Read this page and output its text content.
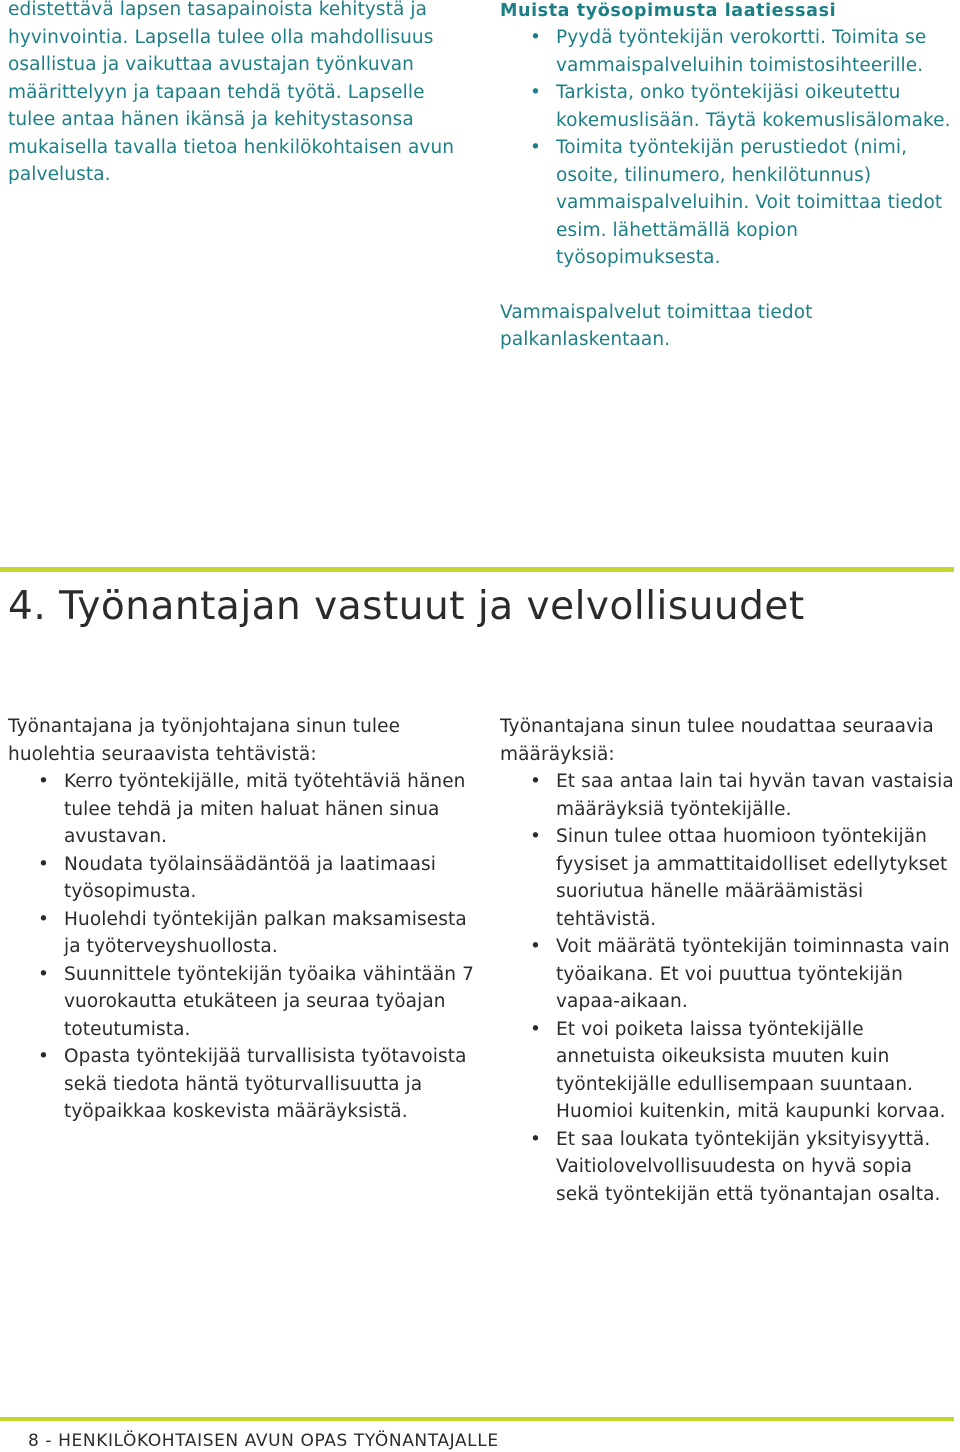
edistettävä lapsen tasapainoista kehitystä ja hyvinvointia. Lapsella tulee olla mahdollisuus osallistua ja vaikuttaa avustajan työnkuvan määrittelyyn ja tapaan tehdä työtä. Lapselle tulee antaa hänen ikänsä ja kehitystasonsa mukaisella tavalla tietoa henkilökohtaisen avun palvelusta.

Muista työsopimusta laatiessasi
• Pyydä työntekijän verokortti. Toimita se vammaispalveluihin toimistosihteerille.
• Tarkista, onko työntekijäsi oikeutettu kokemuslisään. Täytä kokemuslisälomake.
• Toimita työntekijän perustiedot (nimi, osoite, tilinumero, henkilötunnus) vammaispalveluihin. Voit toimittaa tiedot esim. lähettämällä kopion työsopimuksesta.

Vammaispalvelut toimittaa tiedot palkanlaskentaan.

4. Työnantajan vastuut ja velvollisuudet

Työnantajana ja työnjohtajana sinun tulee huolehtia seuraavista tehtävistä:

• Kerro työntekijälle, mitä työtehtäviä hänen tulee tehdä ja miten haluat hänen sinua avustavan.
• Noudata työlainsäädäntöä ja laatimaasi työsopimusta.
• Huolehdi työntekijän palkan maksamisesta ja työterveyshuollosta.
• Suunnittele työntekijän työaika vähintään 7 vuorokautta etukäteen ja seuraa työajan toteutumista.
• Opasta työntekijää turvallisista työtavoista sekä tiedota häntä työturvallisuutta ja työpaikkaa koskevista määräyksistä.

Työnantajana sinun tulee noudattaa seuraavia määräyksiä:

• Et saa antaa lain tai hyvän tavan vastaisia määräyksiä työntekijälle.
• Sinun tulee ottaa huomioon työntekijän fyysiset ja ammattitaidolliset edellytykset suoriutua hänelle määräämistäsi tehtävistä.
• Voit määrätä työntekijän toiminnasta vain työaikana. Et voi puuttua työntekijän vapaa-aikaan.
• Et voi poiketa laissa työntekijälle annetuista oikeuksista muuten kuin työntekijälle edullisempaan suuntaan. Huomioi kuitenkin, mitä kaupunki korvaa.
• Et saa loukata työntekijän yksityisyyttä. Vaitiolovelvollisuudesta on hyvä sopia sekä työntekijän että työnantajan osalta.
8 - HENKILÖKOHTAISEN AVUN OPAS TYÖNANTAJALLE
